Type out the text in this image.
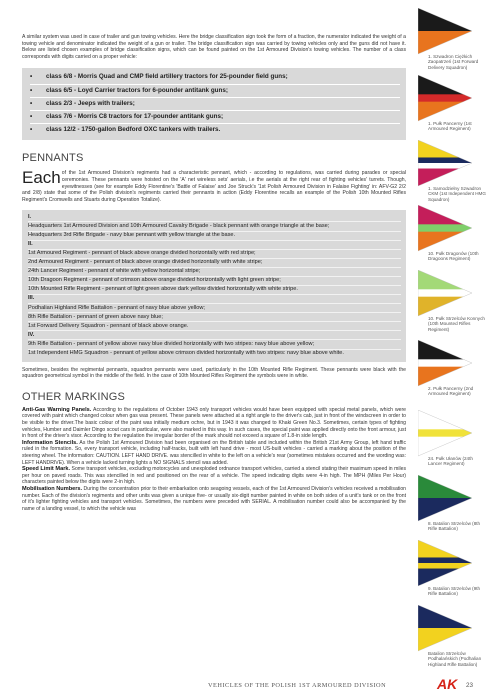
A similar system was used in case of trailer and gun towing vehicles. Here the bridge classification sign took the form of a fraction, the numerator indicated the weight of a towing vehicle and denominator indicated the weight of a gun or trailer. The bridge classification sign was carried by towing vehicles only and the guns did not have it. Below are listed chosen examples of bridge classification signs, which can be found painted on the 1st Armoured Division's towing vehicles. The number of a class corresponds with digits carried on a proper vehicle:

•	class 6/8 - Morris Quad and CMP field artillery tractors for 25-pounder field guns;
•	class 6/5 - Loyd Carrier tractors for 6-pounder antitank guns;
•	class 2/3 - Jeeps with trailers;
•	class 7/6 - Morris C8 tractors for 17-pounder antitank guns;
•	class 12/2 - 1750-gallon Bedford OXC tankers with trailers.
PENNANTS
Each of the 1st Armoured Division's regiments had a characteristic pennant, which - according to regulations, was carried during parades or special ceremonies. These pennants were hoisted on the 'A' net wireless sets' aerials, i.e the aerials at the right rear of fighting vehicles' turrets. Though, eyewitnesses (see for example Eddy Florentine's 'Battle of Falaise' and Joe Struck's '1st Polish Armoured Division in Falaise Fighting' in: AFV-G2 2/2 and 2/8) state that some of the Polish division's regiments carried their pennants in action (Eddy Florentine recalls an example of the Polish 10th Mounted Rifles Regiment's Cromwells and Stuarts during Operation Totalize).

I.
Headquarters 1st Armoured Division and 10th Armoured Cavalry Brigade - black pennant with orange triangle at the base;
Headquarters 3rd Rifle Brigade - navy blue pennant with yellow triangle at the base.
II.
1st Armoured Regiment - pennant of black above orange divided horizontally with red stripe;
2nd Armoured Regiment - pennant of black above orange divided horizontally with white stripe;
24th Lancer Regiment - pennant of white with yellow horizontal stripe;
10th Dragoon Regiment - pennant of crimson above orange divided horizontally with light green stripe;
10th Mounted Rifle Regiment - pennant of light green above dark yellow divided horizontally with white stripe.
III.
Podhalian Highland Rifle Battalion - pennant of navy blue above yellow;
8th Rifle Battalion - pennant of green above navy blue;
1st Forward Delivery Squadron - pennant of black above orange.
IV.
9th Rifle Battalion - pennant of yellow above navy blue divided horizontally with two stripes: navy blue above yellow;
1st Independent HMG Squadron - pennant of yellow above crimson divided horizontally with two stripes: navy blue above white.

Sometimes, besides the regimental pennants, squadron pennants were used, particularly in the 10th Mounted Rifle Regiment. These pennants were black with the squadron geometrical symbol in the middle of the field. In the case of 10th Mounted Rifles Regiment the symbols were in white.

OTHER MARKINGS

Anti-Gas Warning Panels. According to the regulations of October 1943 only transport vehicles would have been equipped with special metal panels, which were covered with paint which changed colour when gas was present. These panels were attached at a right angle to the driver's cab, just in front of the windscreen in order to be visible to the driver.The basic colour of the paint was initially medium ochre, but in 1943 it was changed to Khaki Green No.3. Sometimes, certain types of fighting vehicles, Humber and Daimler Dingo scout cars in particular, were also marked in this way. In such cases, the special paint was applied directly onto the front armour, just in front of the driver's visor. According to the regulation the irregular border of the mark should not exceed a square of 1.8-in side length.

Information Stencils. As the Polish 1st Armoured Division had been organised on the British table and included within the British 21st Army Group, left hand traffic ruled in the formation. So, every transport vehicle, including half-tracks, built with left hand drive - most US-built vehicles - carried a marking about the position of the steering wheel. The information: CAUTION. LEFT HAND DRIVE. was stencilled in white to the left on a vehicle's rear (sometimes mistakes occurred and the wording was: LEFT HANDRIVE). When a vehicle lacked turning lights a NO SIGNALS stencil was added.

Speed Limit Mark. Some transport vehicles, excluding motorcycles and unexploded ordnance transport vehicles, carried a stencil stating their maximum speed in miles per hour on paved roads. This was stencilled in red and positioned on the rear of a vehicle. The speed indicating digits were 4-in high. The MPH (Miles Per Hour) characters painted below the digits were 2-in high.

Mobilisation Numbers. During the concentration prior to their embarkation onto seagoing vessels, each of the 1st Armoured Division's vehicles received a mobilisation number. Each of the division's regiments and other units was given a unique five- or usually six-digit number painted in white on both sides of a unit's tank or on the front of it's lighter fighting vehicles and transport vehicles. Sometimes, the numbers were preceded with SERIAL. A mobilisation number could also be accompanied by the name of a landing vessel, to which the vehicle was

1. Szwadron Ciężkich Zaopatrzeń (1st Forward Delivery Squadron)
1. Pułk Pancerny (1st Armoured Regiment)
1. Samodzielny Szwadron CKM (1st Independent HMG Squadron)
10. Pułk Dragonów (10th Dragoons Regiment)
10. Pułk Strzelców Konnych (10th Mounted Rifles Regiment)
2. Pułk Pancerny (2nd Armoured Regiment)
24. Pułk Ułanów (24th Lancer Regiment)
8. Batalion Strzelców (8th Rifle Battalion)
9. Batalion Strzelców (9th Rifle Battalion)
Batalion Strzelców Podhalańskich (Podhalian Highland Rifle Battalion)
VEHICLES OF THE POLISH 1ST ARMOURED DIVISION	AK 23
